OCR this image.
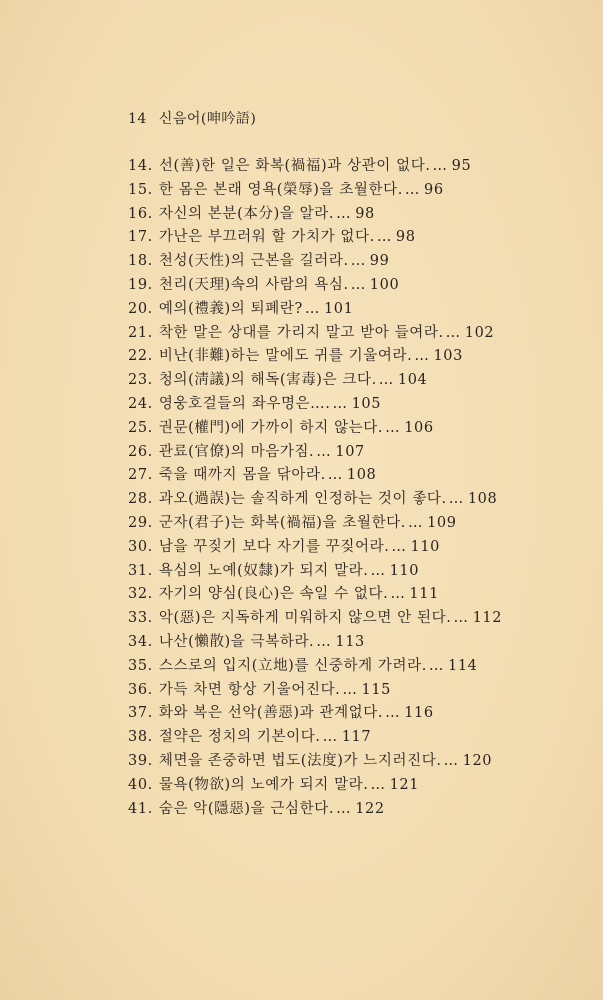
14 신음어(呻吟語)
14. 선(善)한 일은 화복(禍福)과 상관이 없다. … 95
15. 한 몸은 본래 영욕(榮辱)을 초월한다. … 96
16. 자신의 본분(本分)을 알라. … 98
17. 가난은 부끄러워 할 가치가 없다. … 98
18. 천성(天性)의 근본을 길러라. … 99
19. 천리(天理)속의 사람의 욕심. … 100
20. 예의(禮義)의 퇴폐란? … 101
21. 착한 말은 상대를 가리지 말고 받아 들여라. … 102
22. 비난(非難)하는 말에도 귀를 기울여라. … 103
23. 청의(淸議)의 해독(害毒)은 크다. … 104
24. 영웅호걸들의 좌우명은…. … 105
25. 권문(權門)에 가까이 하지 않는다. … 106
26. 관료(官僚)의 마음가짐. … 107
27. 죽을 때까지 몸을 닦아라. … 108
28. 과오(過誤)는 솔직하게 인정하는 것이 좋다. … 108
29. 군자(君子)는 화복(禍福)을 초월한다. … 109
30. 남을 꾸짖기 보다 자기를 꾸짖어라. … 110
31. 욕심의 노예(奴隸)가 되지 말라. … 110
32. 자기의 양심(良心)은 속일 수 없다. … 111
33. 악(惡)은 지독하게 미워하지 않으면 안 된다. … 112
34. 나산(懶散)을 극복하라. … 113
35. 스스로의 입지(立地)를 신중하게 가려라. … 114
36. 가득 차면 항상 기울어진다. … 115
37. 화와 복은 선악(善惡)과 관계없다. … 116
38. 절약은 정치의 기본이다. … 117
39. 체면을 존중하면 법도(法度)가 느지러진다. … 120
40. 물욕(物欲)의 노예가 되지 말라. … 121
41. 숨은 악(隱惡)을 근심한다. … 122
